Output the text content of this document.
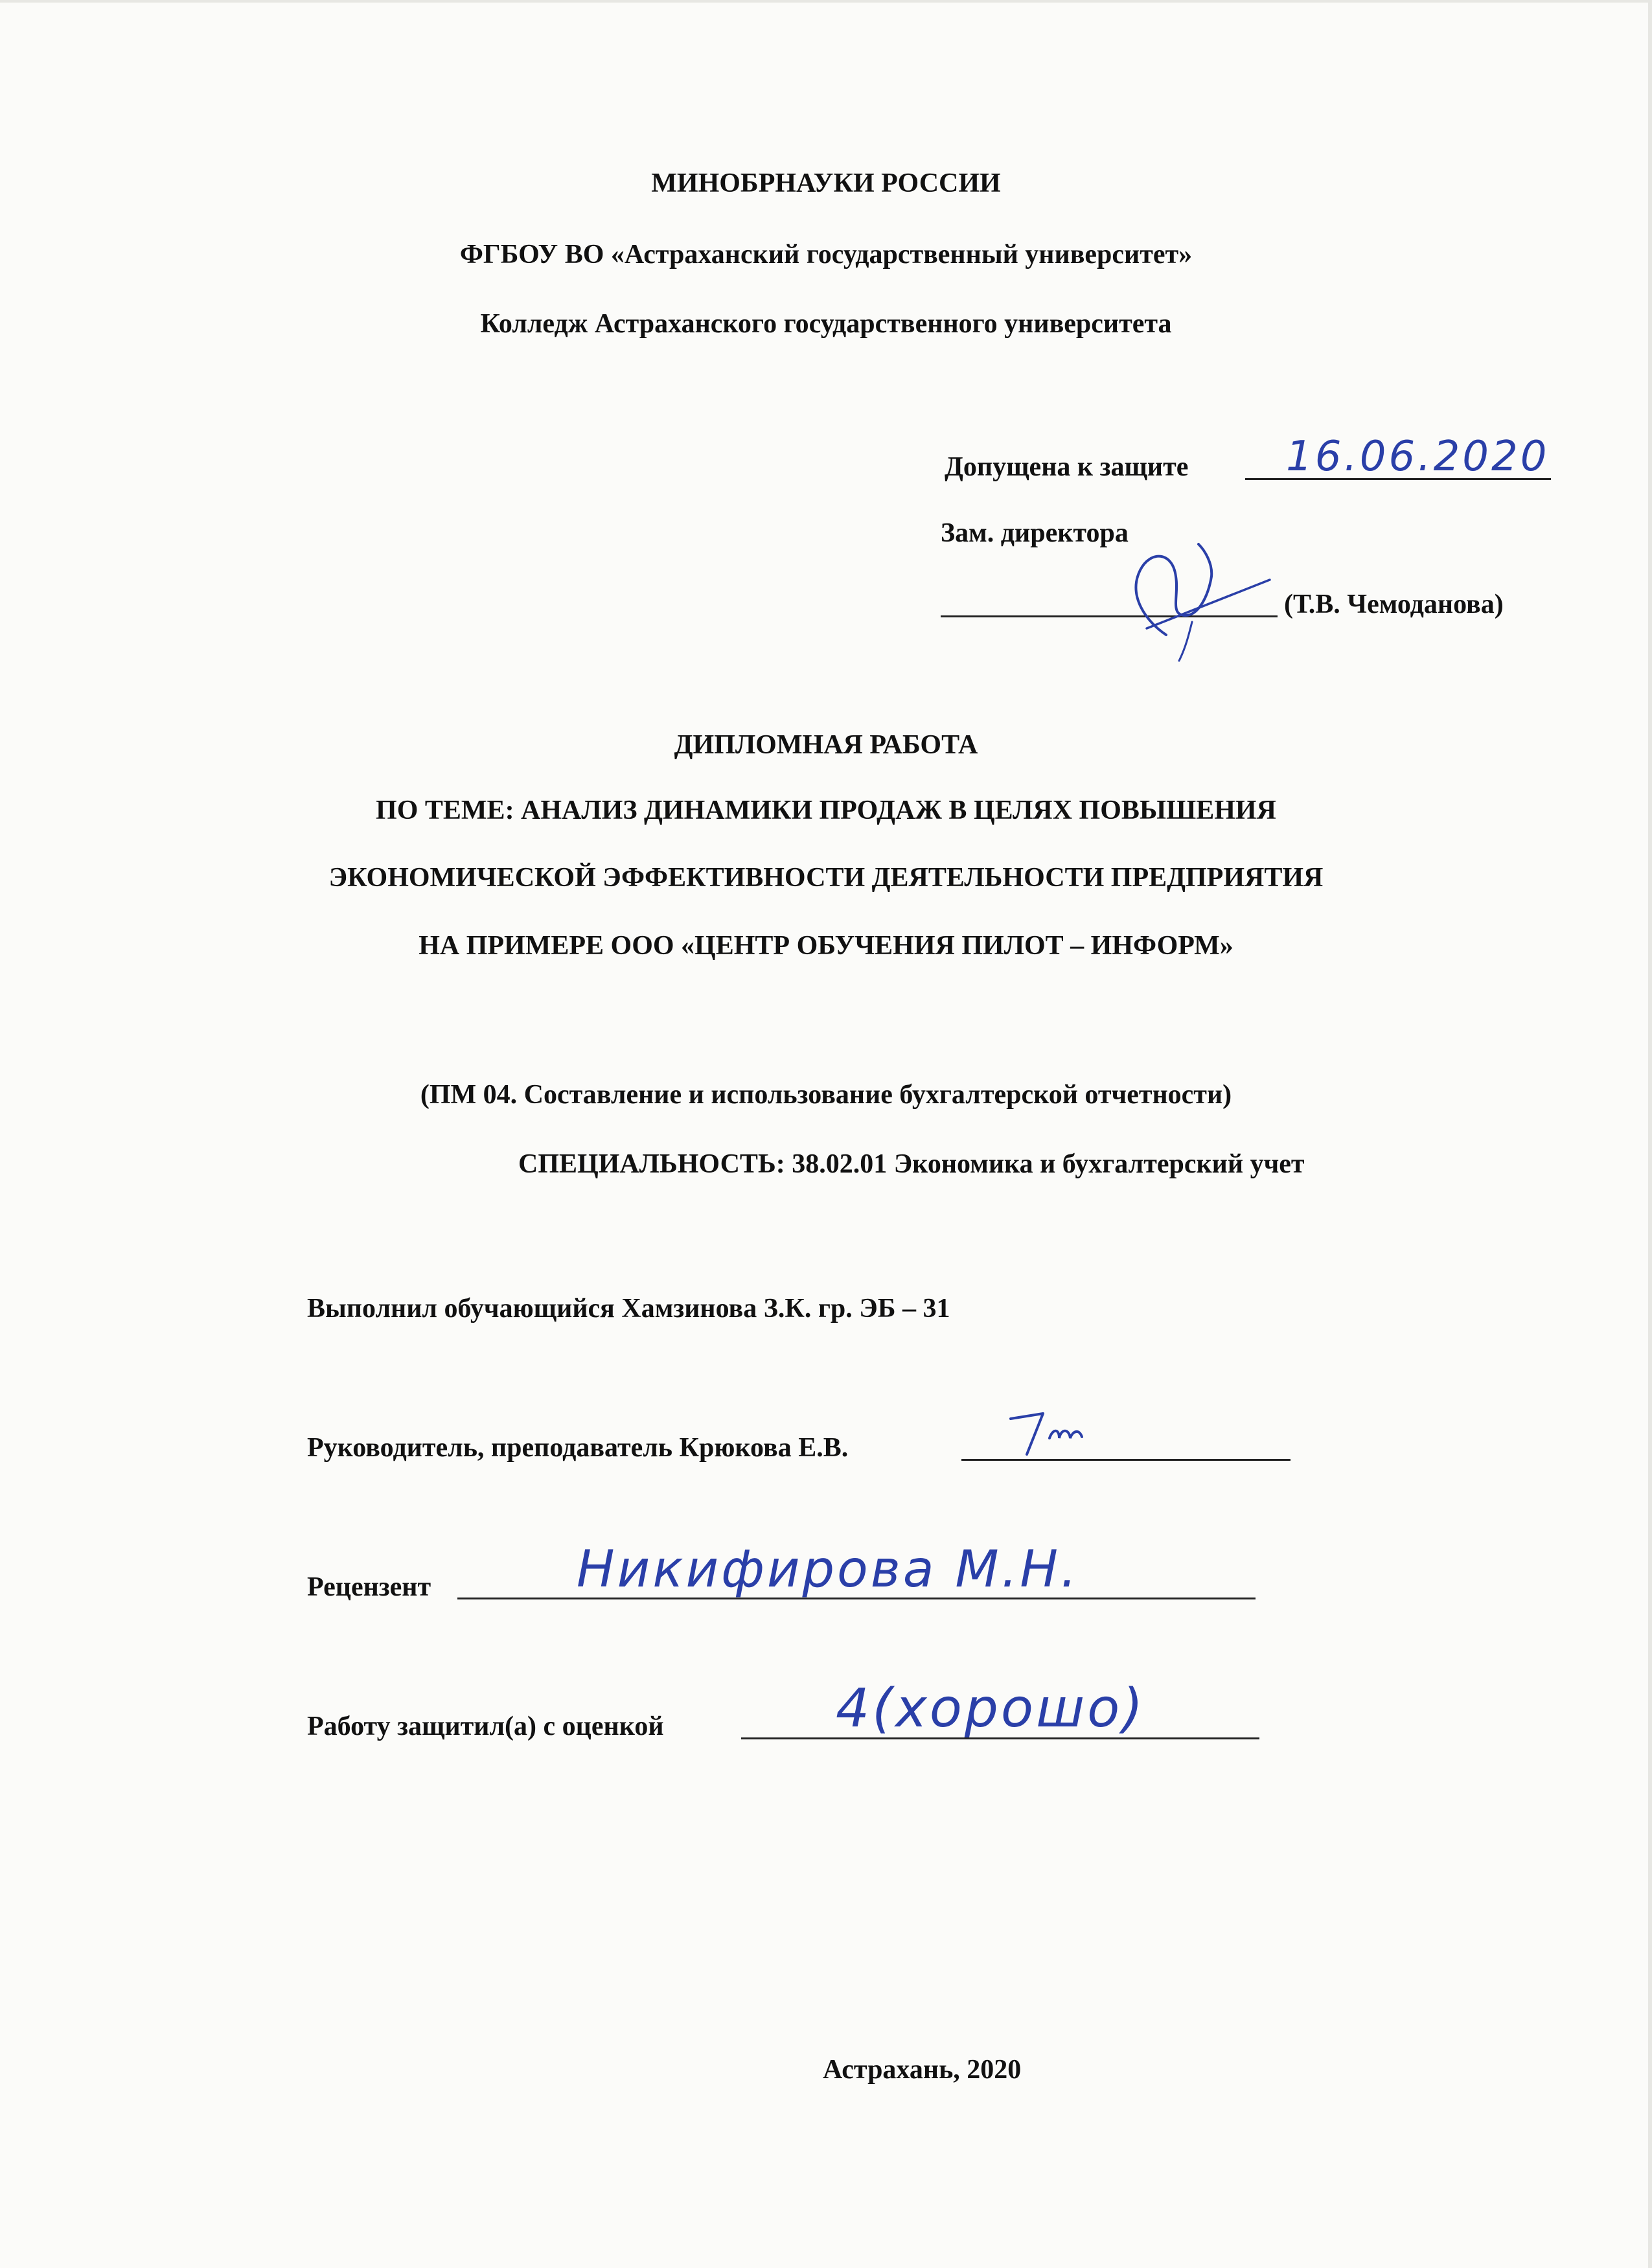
МИНОБРНАУКИ РОССИИ
ФГБОУ ВО «Астраханский государственный университет»
Колледж Астраханского государственного университета
Допущена к защите 16.06.2020
Зам. директора
(Т.В. Чемоданова)
ДИПЛОМНАЯ РАБОТА
ПО ТЕМЕ: АНАЛИЗ ДИНАМИКИ ПРОДАЖ В ЦЕЛЯХ ПОВЫШЕНИЯ
ЭКОНОМИЧЕСКОЙ ЭФФЕКТИВНОСТИ ДЕЯТЕЛЬНОСТИ ПРЕДПРИЯТИЯ
НА ПРИМЕРЕ ООО «ЦЕНТР ОБУЧЕНИЯ ПИЛОТ – ИНФОРМ»
(ПМ 04. Составление и использование бухгалтерской отчетности)
СПЕЦИАЛЬНОСТЬ: 38.02.01 Экономика и бухгалтерский учет
Выполнил обучающийся Хамзинова З.К. гр. ЭБ – 31
Руководитель, преподаватель Крюкова Е.В.
Рецензент	Никифирова М.Н.
Работу защитил(а) с оценкой	4(хорошо)
Астрахань, 2020
